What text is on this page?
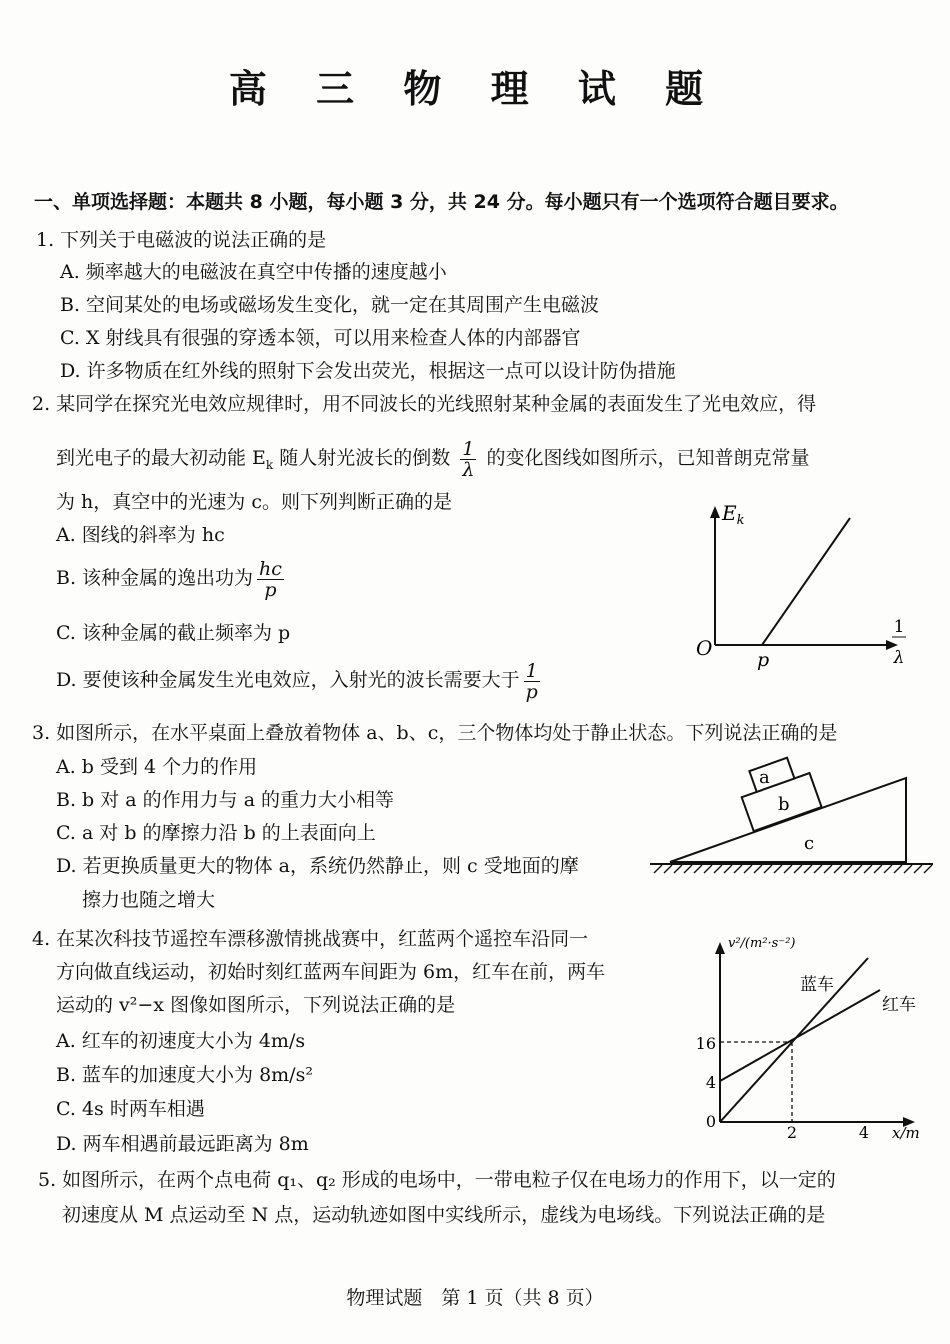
高 三 物 理 试 题
一、单项选择题：本题共 8 小题，每小题 3 分，共 24 分。每小题只有一个选项符合题目要求。
1. 下列关于电磁波的说法正确的是
A. 频率越大的电磁波在真空中传播的速度越小
B. 空间某处的电场或磁场发生变化，就一定在其周围产生电磁波
C. X 射线具有很强的穿透本领，可以用来检查人体的内部器官
D. 许多物质在红外线的照射下会发出荧光，根据这一点可以设计防伪措施
2. 某同学在探究光电效应规律时，用不同波长的光线照射某种金属的表面发生了光电效应，得
到光电子的最大初动能 $E_k$ 随人射光波长的倒数 $\frac{1}{\lambda}$ 的变化图线如图所示，已知普朗克常量
为 h，真空中的光速为 c。则下列判断正确的是
A. 图线的斜率为 hc
B. 该种金属的逸出功为 $\frac{hc}{p}$
C. 该种金属的截止频率为 p
D. 要使该种金属发生光电效应，入射光的波长需要大于 $\frac{1}{p}$
$E_k$
O p
1
λ
3. 如图所示，在水平桌面上叠放着物体 a、b、c，三个物体均处于静止状态。下列说法正确的是
A. b 受到 4 个力的作用
B. b 对 a 的作用力与 a 的重力大小相等
C. a 对 b 的摩擦力沿 b 的上表面向上
D. 若更换质量更大的物体 a，系统仍然静止，则 c 受地面的摩
擦力也随之增大
a
b
c
4. 在某次科技节遥控车漂移激情挑战赛中，红蓝两个遥控车沿同一
方向做直线运动，初始时刻红蓝两车间距为 6m，红车在前，两车
运动的 v²−x 图像如图所示，下列说法正确的是
A. 红车的初速度大小为 4m/s
B. 蓝车的加速度大小为 8m/s²
C. 4s 时两车相遇
D. 两车相遇前最远距离为 8m
v²/(m²·s⁻²)
x/m
蓝车
红车
16
4
0
2	4
5. 如图所示，在两个点电荷 q₁、q₂ 形成的电场中，一带电粒子仅在电场力的作用下，以一定的
初速度从 M 点运动至 N 点，运动轨迹如图中实线所示，虚线为电场线。下列说法正确的是
物理试题　第 1 页（共 8 页）
